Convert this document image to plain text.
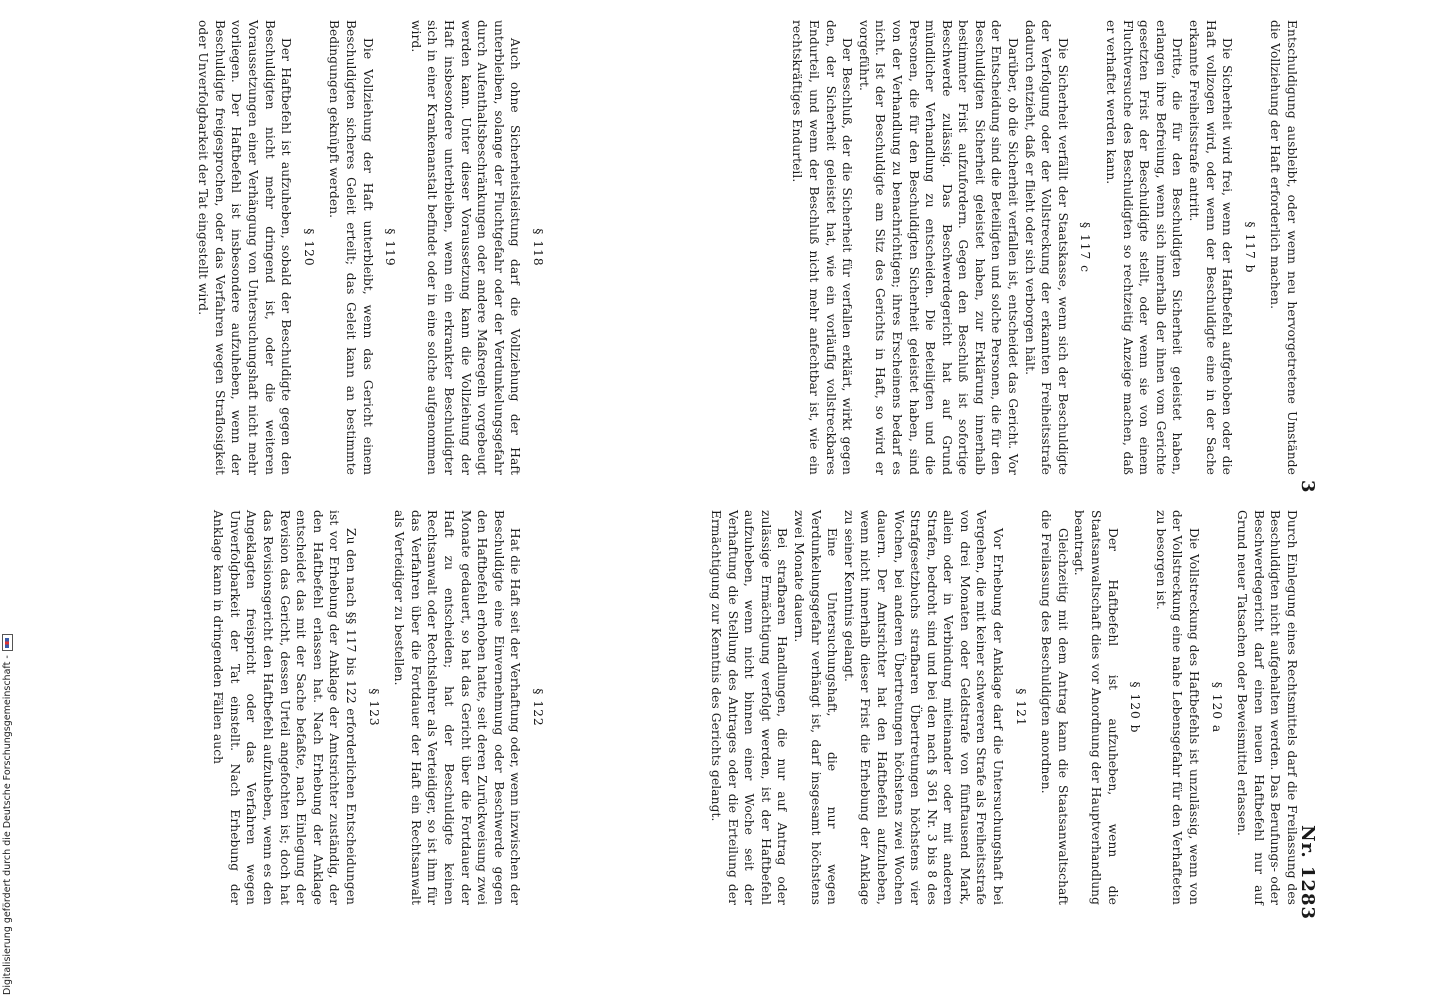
3
Nr. 1283

Durch Einlegung eines Rechtsmittels darf die Freilassung des Beschuldigten nicht aufgehalten werden. Das Berufungs- oder Beschwerdegericht darf einen neuen Haftbefehl nur auf Grund neuer Tatsachen oder Beweismittel erlassen.

§ 120 a

Die Vollstreckung des Haftbefehls ist unzulässig, wenn von der Vollstreckung eine nahe Lebensgefahr für den Verhafteten zu besorgen ist.

§ 120 b

Der Haftbefehl ist aufzuheben, wenn die Staatsanwaltschaft dies vor Anordnung der Hauptverhandlung beantragt.

Gleichzeitig mit dem Antrag kann die Staatsanwaltschaft die Freilassung des Beschuldigten anordnen.

§ 121

Vor Erhebung der Anklage darf die Untersuchungshaft bei Vergehen, die mit keiner schwereren Strafe als Freiheitsstrafe von drei Monaten oder Geldstrafe von fünftausend Mark, allein oder in Verbindung miteinander oder mit anderen Strafen, bedroht sind und bei den nach § 361 Nr. 3 bis 8 des Strafgesetzbuchs strafbaren Übertretungen höchstens vier Wochen, bei anderen Übertretungen höchstens zwei Wochen dauern. Der Amtsrichter hat den Haftbefehl aufzuheben, wenn nicht innerhalb dieser Frist die Erhebung der Anklage zu seiner Kenntnis gelangt.

Eine Untersuchungshaft, die nur wegen Verdunkelungsgefahr verhängt ist, darf insgesamt höchstens zwei Monate dauern.

Bei strafbaren Handlungen, die nur auf Antrag oder zulässige Ermächtigung verfolgt werden, ist der Haftbefehl aufzuheben, wenn nicht binnen einer Woche seit der Verhaftung die Stellung des Antrages oder die Erteilung der Ermächtigung zur Kenntnis des Gerichts gelangt.

§ 122

Hat die Haft seit der Verhaftung oder, wenn inzwischen der Beschuldigte eine Einvernehmung oder Beschwerde gegen den Haftbefehl erhoben hatte, seit deren Zurückweisung zwei Monate gedauert, so hat das Gericht über die Fortdauer der Haft zu entscheiden; hat der Beschuldigte keinen Rechtsanwalt oder Rechtslehrer als Verteidiger, so ist ihm für das Verfahren über die Fortdauer der Haft ein Rechtsanwalt als Verteidiger zu bestellen.

§ 123

Zu den nach §§ 117 bis 122 erforderlichen Entscheidungen ist vor Erhebung der Anklage der Amtsrichter zuständig, der den Haftbefehl erlassen hat. Nach Erhebung der Anklage entscheidet das mit der Sache befaßte, nach Einlegung der Revision das Gericht, dessen Urteil angefochten ist; doch hat das Revisionsgericht den Haftbefehl aufzuheben, wenn es den Angeklagten freispricht oder das Verfahren wegen Unverfolgbarkeit der Tat einstellt. Nach Erhebung der Anklage kann in dringenden Fällen auch

Entschuldigung ausbleibt, oder wenn neu hervorgetretene Umstände die Vollziehung der Haft erforderlich machen.

§ 117 b

Die Sicherheit wird frei, wenn der Haftbefehl aufgehoben oder die Haft vollzogen wird, oder wenn der Beschuldigte eine in der Sache erkannte Freiheitsstrafe antritt.

Dritte, die für den Beschuldigten Sicherheit geleistet haben, erlangen ihre Befreiung, wenn sich innerhalb der ihnen vom Gerichte gesetzten Frist der Beschuldigte stellt, oder wenn sie von einem Fluchtversuche des Beschuldigten so rechtzeitig Anzeige machen, daß er verhaftet werden kann.

§ 117 c

Die Sicherheit verfällt der Staatskasse, wenn sich der Beschuldigte der Verfolgung oder der Vollstreckung der erkannten Freiheitsstrafe dadurch entzieht, daß er flieht oder sich verborgen hält.

Darüber, ob die Sicherheit verfallen ist, entscheidet das Gericht. Vor der Entscheidung sind die Beteiligten und solche Personen, die für den Beschuldigten Sicherheit geleistet haben, zur Erklärung innerhalb bestimmter Frist aufzufordern. Gegen den Beschluß ist sofortige Beschwerde zulässig. Das Beschwerdegericht hat auf Grund mündlicher Verhandlung zu entscheiden. Die Beteiligten und die Personen, die für den Beschuldigten Sicherheit geleistet haben, sind von der Verhandlung zu benachrichtigen; ihres Erscheinens bedarf es nicht. Ist der Beschuldigte am Sitz des Gerichts in Haft, so wird er vorgeführt.

Der Beschluß, der die Sicherheit für verfallen erklärt, wirkt gegen den, der Sicherheit geleistet hat, wie ein vorläufig vollstreckbares Endurteil, und wenn der Beschluß nicht mehr anfechtbar ist, wie ein rechtskräftiges Endurteil.

§ 118

Auch ohne Sicherheitsleistung darf die Vollziehung der Haft unterbleiben, solange der Fluchtgefahr oder der Verdunkelungsgefahr durch Aufenthaltsbeschränkungen oder andere Maßregeln vorgebeugt werden kann. Unter dieser Voraussetzung kann die Vollziehung der Haft insbesondere unterbleiben, wenn ein erkrankter Beschuldigter sich in einer Krankenanstalt befindet oder in eine solche aufgenommen wird.

§ 119

Die Vollziehung der Haft unterbleibt, wenn das Gericht einem Beschuldigten sicheres Geleit erteilt; das Geleit kann an bestimmte Bedingungen geknüpft werden.

§ 120

Der Haftbefehl ist aufzuheben, sobald der Beschuldigte gegen den Beschuldigten nicht mehr dringend ist, oder die weiteren Voraussetzungen einer Verhängung von Untersuchungshaft nicht mehr vorliegen. Der Haftbefehl ist insbesondere aufzuheben, wenn der Beschuldigte freigesprochen, oder das Verfahren wegen Straflosigkeit oder Unverfolgbarkeit der Tat eingestellt wird.

Digitalisierung gefördert durch die Deutsche Forschungsgemeinschaft -
